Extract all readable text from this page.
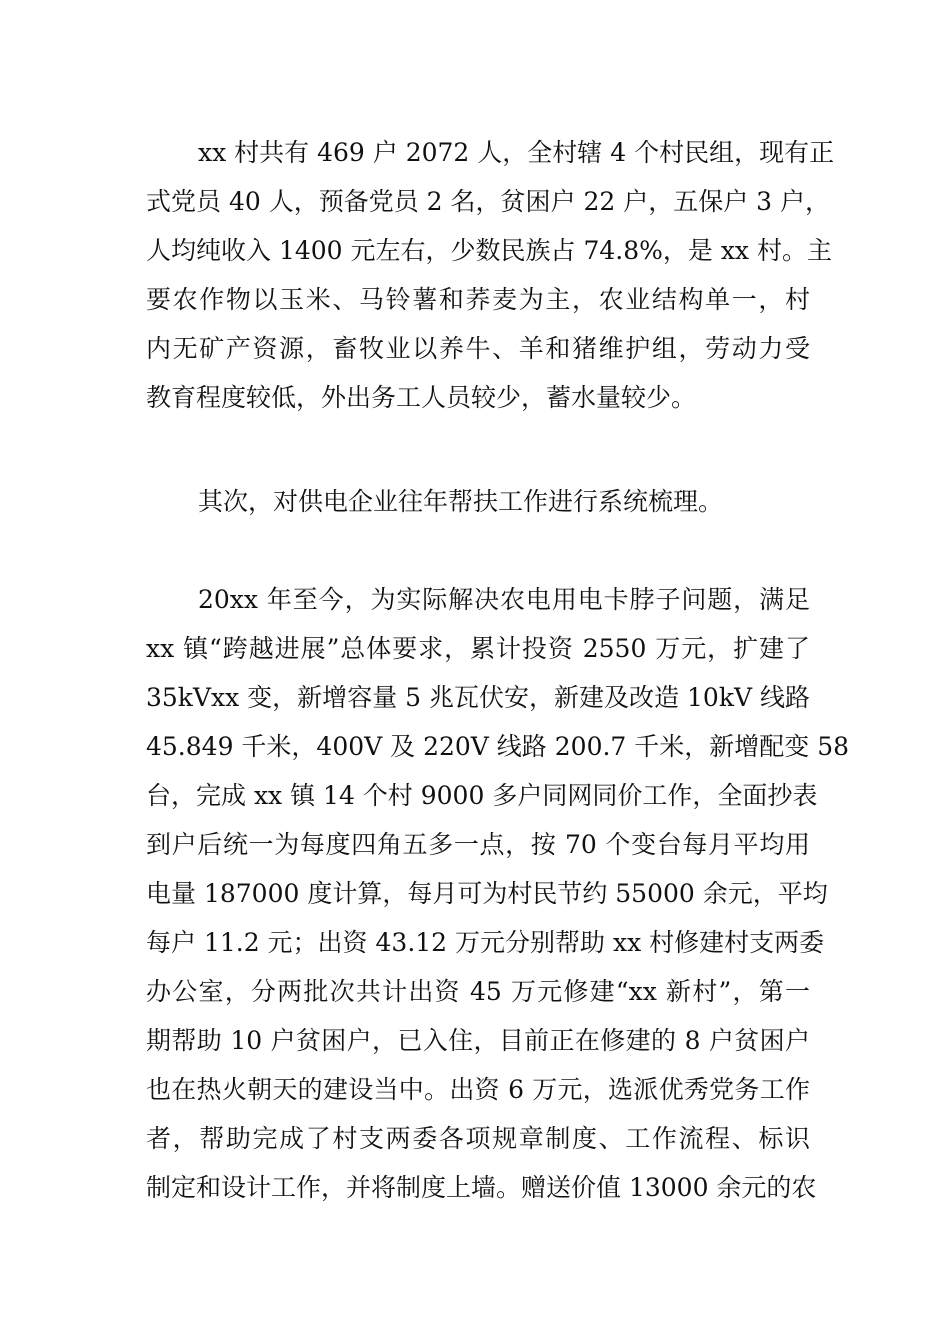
xx 村共有 469 户 2072 人，全村辖 4 个村民组，现有正
式党员 40 人，预备党员 2 名，贫困户 22 户，五保户 3 户，
人均纯收入 1400 元左右，少数民族占 74.8%，是 xx 村。主
要农作物以玉米、马铃薯和荞麦为主，农业结构单一，村
内无矿产资源，畜牧业以养牛、羊和猪维护组，劳动力受
教育程度较低，外出务工人员较少，蓄水量较少。
其次，对供电企业往年帮扶工作进行系统梳理。
20xx 年至今，为实际解决农电用电卡脖子问题，满足
xx 镇“跨越进展”总体要求，累计投资 2550 万元，扩建了
35kVxx 变，新增容量 5 兆瓦伏安，新建及改造 10kV 线路
45.849 千米，400V 及 220V 线路 200.7 千米，新增配变 58
台，完成 xx 镇 14 个村 9000 多户同网同价工作，全面抄表
到户后统一为每度四角五多一点，按 70 个变台每月平均用
电量 187000 度计算，每月可为村民节约 55000 余元，平均
每户 11.2 元；出资 43.12 万元分别帮助 xx 村修建村支两委
办公室，分两批次共计出资 45 万元修建“xx 新村”，第一
期帮助 10 户贫困户，已入住，目前正在修建的 8 户贫困户
也在热火朝天的建设当中。出资 6 万元，选派优秀党务工作
者，帮助完成了村支两委各项规章制度、工作流程、标识
制定和设计工作，并将制度上墙。赠送价值 13000 余元的农
